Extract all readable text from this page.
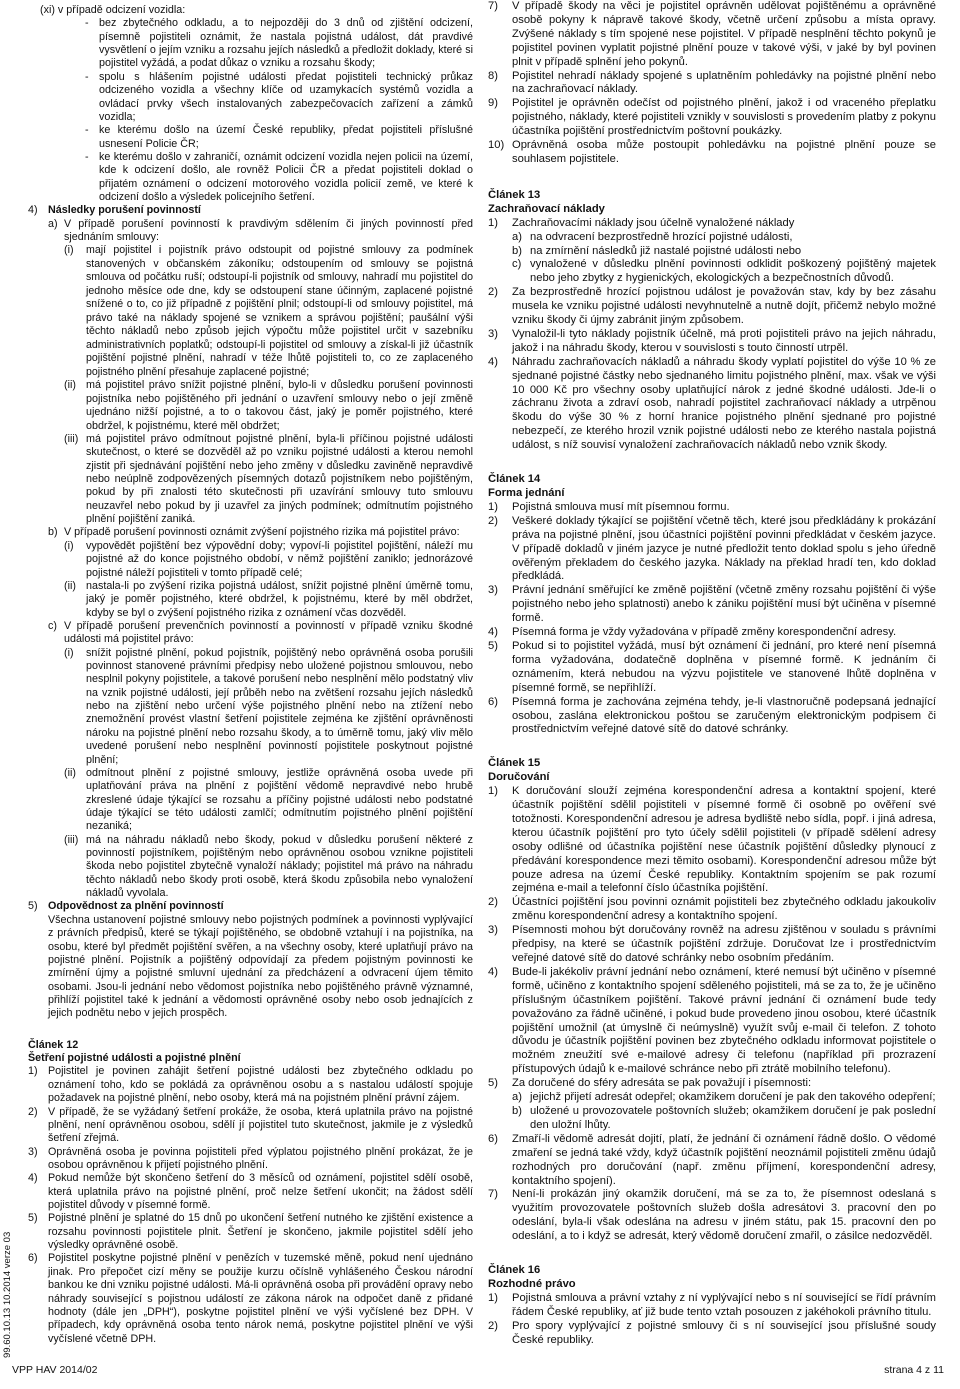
(xi) v případě odcizení vozidla:

- bez zbytečného odkladu, a to nejpozději do 3 dnů od zjištění odcizení, písemně pojistiteli oznámit, že nastala pojistná událost, dát pravdivé vysvětlení o jejím vzniku a rozsahu jejích následků a předložit doklady, které si pojistitel vyžádá, a podat důkaz o vzniku a rozsahu škody;

- spolu s hlášením pojistné události předat pojistiteli technický průkaz odcizeného vozidla a všechny klíče od uzamykacích systémů vozidla a ovládací prvky všech instalovaných zabezpečovacích zařízení a zámků vozidla;

- ke kterému došlo na území České republiky, předat pojistiteli příslušné usnesení Policie ČR;

- ke kterému došlo v zahraničí, oznámit odcizení vozidla nejen policii na území, kde k odcizení došlo, ale rovněž Policii ČR a předat pojistiteli doklad o přijatém oznámení o odcizení motorového vozidla policií země, ve které k odcizení došlo a výsledek policejního šetření.

4) Následky porušení povinností

a) V případě porušení povinností k pravdivým sdělením či jiných povinností před sjednáním smlouvy:

(i)	mají pojistitel i pojistník právo odstoupit od pojistné smlouvy za podmínek stanovených v občanském zákoníku; odstoupením od smlouvy se pojistná smlouva od počátku ruší; odstoupí-li pojistník od smlouvy, nahradí mu pojistitel do jednoho měsíce ode dne, kdy se odstoupení stane účinným, zaplacené pojistné snížené o to, co již případně z pojištění plnil; odstoupí-li od smlouvy pojistitel, má právo také na náklady spojené se vznikem a správou pojištění; paušální výši těchto nákladů nebo způsob jejich výpočtu může pojistitel určit v sazebníku administrativních poplatků; odstoupí-li pojistitel od smlouvy a získal-li již účastník pojištění pojistné plnění, nahradí v téže lhůtě pojistiteli to, co ze zaplaceného pojistného plnění přesahuje zaplacené pojistné;

(ii) má pojistitel právo snížit pojistné plnění, bylo-li v důsledku porušení povinnosti pojistníka nebo pojištěného při jednání o uzavření smlouvy nebo o její změně ujednáno nižší pojistné, a to o takovou část, jaký je poměr pojistného, které obdržel, k pojistnému, které měl obdržet;

(iii) má pojistitel právo odmítnout pojistné plnění, byla-li příčinou pojistné události skutečnost, o které se dozvěděl až po vzniku pojistné události a kterou nemohl zjistit při sjednávání pojištění nebo jeho změny v důsledku zaviněně nepravdivě nebo neúplně zodpovězených písemných dotazů pojistníkem nebo pojištěným, pokud by při znalosti této skutečnosti při uzavírání smlouvy tuto smlouvu neuzavřel nebo pokud by ji uzavřel za jiných podmínek; odmítnutím pojistného plnění pojištění zaniká.

b) V případě porušení povinnosti oznámit zvýšení pojistného rizika má pojistitel právo:

(i)	vypovědět pojištění bez výpovědní doby; vypoví-li pojistitel pojištění, náleží mu pojistné až do konce pojistného období, v němž pojištění zaniklo; jednorázové pojistné náleží pojistiteli v tomto případě celé;

(ii) nastala-li po zvýšení rizika pojistná událost, snížit pojistné plnění úměrně tomu, jaký je poměr pojistného, které obdržel, k pojistnému, které by měl obdržet, kdyby se byl o zvýšení pojistného rizika z oznámení včas dozvěděl.

c) V případě porušení prevenčních povinností a povinností v případě vzniku škodné události má pojistitel právo:

(i)	snížit pojistné plnění, pokud pojistník, pojištěný nebo oprávněná osoba porušili povinnost stanovené právními předpisy nebo uložené pojistnou smlouvou, nebo nesplnil pokyny pojistitele, a takové porušení nebo nesplnění mělo podstatný vliv na vznik pojistné události, její průběh nebo na zvětšení rozsahu jejích následků nebo na zjištění nebo určení výše pojistného plnění nebo na ztížení nebo znemožnění provést vlastní šetření pojistitele zejména ke zjištění oprávněnosti nároku na pojistné plnění nebo rozsahu škody, a to úměrně tomu, jaký vliv mělo uvedené porušení nebo nesplnění povinností pojistitele poskytnout pojistné plnění;

(ii) odmítnout plnění z pojistné smlouvy, jestliže oprávněná osoba uvede při uplatňování práva na plnění z pojištění vědomě nepravdivé nebo hrubě zkreslené údaje týkající se rozsahu a příčiny pojistné události nebo podstatné údaje týkající se této události zamlčí; odmítnutím pojistného plnění pojištění nezaniká;

(iii) má na náhradu nákladů nebo škody, pokud v důsledku porušení některé z povinností pojistníkem, pojištěným nebo oprávněnou osobou vznikne pojistiteli škoda nebo pojistitel zbytečně vynaloží náklady; pojistitel má právo na náhradu těchto nákladů nebo škody proti osobě, která škodu způsobila nebo vynaložení nákladů vyvolala.

5) Odpovědnost za plnění povinností

Všechna ustanovení pojistné smlouvy nebo pojistných podmínek a povinnosti vyplývající z právních předpisů, které se týkají pojištěného, se obdobně vztahují i na pojistníka, na osobu, které byl předmět pojištění svěřen, a na všechny osoby, které uplatňují právo na pojistné plnění. Pojistník a pojištěný odpovídají za předem pojistným povinnosti ke zmírnění újmy a pojistné smluvní ujednání za předcházení a odvracení újem těmito osobami. Jsou-li jednání nebo vědomost pojistníka nebo pojištěného právně významné, přihlíží pojistitel také k jednání a vědomosti oprávněné osoby nebo osob jednajících z jejich podnětu nebo v jejich prospěch.

Článek 12

Šetření pojistné události a pojistné plnění

1) Pojistitel je povinen zahájit šetření pojistné události bez zbytečného odkladu po oznámení toho, kdo se pokládá za oprávněnou osobu a s nastalou událostí spojuje požadavek na pojistné plnění, nebo osoby, která má na pojistném plnění právní zájem.

2) V případě, že se vyžádaný šetření prokáže, že osoba, která uplatnila právo na pojistné plnění, není oprávněnou osobou, sdělí jí pojistitel tuto skutečnost, jakmile je z výsledků šetření zřejmá.

3) Oprávněná osoba je povinna pojistiteli před výplatou pojistného plnění prokázat, že je osobou oprávněnou k přijetí pojistného plnění.

4) Pokud nemůže být skončeno šetření do 3 měsíců od oznámení, pojistitel sdělí osobě, která uplatnila právo na pojistné plnění, proč nelze šetření ukončit; na žádost sdělí pojistitel důvody v písemné formě.

5) Pojistné plnění je splatné do 15 dnů po ukončení šetření nutného ke zjištění existence a rozsahu povinnosti pojistitele plnit. Šetření je skončeno, jakmile pojistitel sdělí jeho výsledky oprávněné osobě.

6) Pojistitel poskytne pojistné plnění v penězích v tuzemské měně, pokud není ujednáno jinak. Pro přepočet cizí měny se použije kurzu očíslně vyhlášeného Českou národní bankou ke dni vzniku pojistné události. Má-li oprávněná osoba při provádění opravy nebo náhrady související s pojistnou událostí ze zákona nárok na odpočet daně z přidané hodnoty (dále jen „DPH“), poskytne pojistitel plnění ve výši vyčíslené bez DPH. V případech, kdy oprávněná osoba tento nárok nemá, poskytne pojistitel plnění ve výši vyčíslené včetně DPH.

7)	V případě škody na věci je pojistitel oprávněn udělovat pojištěnému a oprávněné osobě pokyny k nápravě takové škody, včetně určení způsobu a místa opravy. Zvýšené náklady s tím spojené nese pojistitel. V případě nesplnění těchto pokynů je pojistitel povinen vyplatit pojistné plnění pouze v takové výši, v jaké by byl povinen plnit v případě splnění jeho pokynů.

8)	Pojistitel nehradí náklady spojené s uplatněním pohledávky na pojistné plnění nebo na zachraňovací náklady.

9)	Pojistitel je oprávněn odečíst od pojistného plnění, jakož i od vraceného přeplatku pojistného, náklady, které pojistiteli vznikly v souvislosti s provedením platby z pokynu účastníka pojištění prostřednictvím poštovní poukázky.

10) Oprávněná osoba může postoupit pohledávku na pojistné plnění pouze se souhlasem pojistitele.

Článek 13

Zachraňovací náklady

1)	Zachraňovacími náklady jsou účelně vynaložené náklady

a) na odvracení bezprostředně hrozící pojistné události,

b) na zmírnění následků již nastalé pojistné události nebo

c) vynaložené v důsledku plnění povinnosti odklidit poškozený pojištěný majetek nebo jeho zbytky z hygienických, ekologických a bezpečnostních důvodů.

2)	Za bezprostředně hrozící pojistnou událost je považován stav, kdy by bez zásahu musela ke vzniku pojistné události nevyhnutelně a nutně dojít, přičemž nebylo možné vzniku škody či újmy zabránit jiným způsobem.

3)	Vynaložil-li tyto náklady pojistník účelně, má proti pojistiteli právo na jejich náhradu, jakož i na náhradu škody, kterou v souvislosti s touto činností utrpěl.

4)	Náhradu zachraňovacích nákladů a náhradu škody vyplatí pojistitel do výše 10 % ze sjednané pojistné částky nebo sjednaného limitu pojistného plnění, max. však ve výši 10 000 Kč pro všechny osoby uplatňující nárok z jedné škodné události. Jde-li o záchranu života a zdraví osob, nahradí pojistitel zachraňovací náklady a utrpěnou škodu do výše 30 % z horní hranice pojistného plnění sjednané pro pojistné nebezpečí, ze kterého hrozil vznik pojistné události nebo ze kterého nastala pojistná událost, s níž souvisí vynaložení zachraňovacích nákladů nebo vznik škody.

Článek 14

Forma jednání

1)	Pojistná smlouva musí mít písemnou formu.

2)	Veškeré doklady týkající se pojištění včetně těch, které jsou předkládány k prokázání práva na pojistné plnění, jsou účastníci pojištění povinni předkládat v českém jazyce. V případě dokladů v jiném jazyce je nutné předložit tento doklad spolu s jeho úředně ověřeným překladem do českého jazyka. Náklady na překlad hradí ten, kdo doklad předkládá.

3)	Právní jednání směřující ke změně pojištění (včetně změny rozsahu pojištění či výše pojistného nebo jeho splatnosti) anebo k zániku pojištění musí být učiněna v písemné formě.

4)	Písemná forma je vždy vyžadována v případě změny korespondenční adresy.

5)	Pokud si to pojistitel vyžádá, musí být oznámení či jednání, pro které není písemná forma vyžadována, dodatečně doplněna v písemné formě. K jednáním či oznámením, která nebudou na výzvu pojistitele ve stanovené lhůtě doplněna v písemné formě, se nepřihlíží.

6)	Písemná forma je zachována zejména tehdy, je-li vlastnoručně podepsaná jednající osobou, zaslána elektronickou poštou se zaručeným elektronickým podpisem či prostřednictvím veřejné datové sítě do datové schránky.

Článek 15

Doručování

1)	K doručování slouží zejména korespondenční adresa a kontaktní spojení, které účastník pojištění sdělil pojistiteli v písemné formě či osobně po ověření své totožnosti. Korespondenční adresou je adresa bydliště nebo sídla, popř. i jiná adresa, kterou účastník pojištění pro tyto účely sdělil pojistiteli (v případě sdělení adresy osoby odlišné od účastníka pojištění nese účastník pojištění důsledky plynoucí z předávání korespondence mezi těmito osobami). Korespondenční adresou může být pouze adresa na území České republiky. Kontaktním spojením se pak rozumí zejména e-mail a telefonní číslo účastníka pojištění.

2)	Účastníci pojištění jsou povinni oznámit pojistiteli bez zbytečného odkladu jakoukoliv změnu korespondenční adresy a kontaktního spojení.

3)	Písemnosti mohou být doručovány rovněž na adresu zjištěnou v souladu s právními předpisy, na které se účastník pojištění zdržuje. Doručovat lze i prostřednictvím veřejné datové sítě do datové schránky nebo osobním předáním.

4)	Bude-li jakékoliv právní jednání nebo oznámení, které nemusí být učiněno v písemné formě, učiněno z kontaktního spojení sděleného pojistiteli, má se za to, že je učiněno příslušným účastníkem pojištění. Takové právní jednání či oznámení bude tedy považováno za řádně učiněné, i pokud bude provedeno jinou osobou, které účastník pojištění umožnil (at úmyslně či neúmyslně) využít svůj e-mail či telefon. Z tohoto důvodu je účastník pojištění povinen bez zbytečného odkladu informovat pojistitele o možném zneužití své e-mailové adresy či telefonu (například při prozrazení přístupových údajů k e-mailové schránce nebo při ztrátě mobilního telefonu).

5)	Za doručené do sféry adresáta se pak považují i písemnosti:

a) jejichž přijetí adresát odepřel; okamžikem doručení je pak den takového odepření;

b) uložené u provozovatele poštovních služeb; okamžikem doručení je pak poslední den uložní lhůty.

6)	Zmaří-li vědomě adresát dojití, platí, že jednání či oznámení řádně došlo. O vědomé zmaření se jedná také vždy, když účastník pojištění neoznámil pojistiteli změnu údajů rozhodných pro doručování (např. změnu příjmení, korespondenční adresy, kontaktního spojení).

7)	Není-li prokázán jiný okamžik doručení, má se za to, že písemnost odeslaná s využitím provozovatele poštovních služeb došla adresátovi 3. pracovní den po odeslání, byla-li však odeslána na adresu v jiném státu, pak 15. pracovní den po odeslání, a to i když se adresát, který vědomě doručení zmařil, o zásilce nedozvěděl.

Článek 16

Rozhodné právo

1)	Pojistná smlouva a právní vztahy z ní vyplývající nebo s ní související se řídí právním řádem České republiky, ať již bude tento vztah posouzen z jakéhokoli právního titulu.

2)	Pro spory vyplývající z pojistné smlouvy či s ní související jsou příslušné soudy České republiky.

99.60.10.13 10.2014 verze 03
VPP HAV 2014/02	strana 4 z 11
